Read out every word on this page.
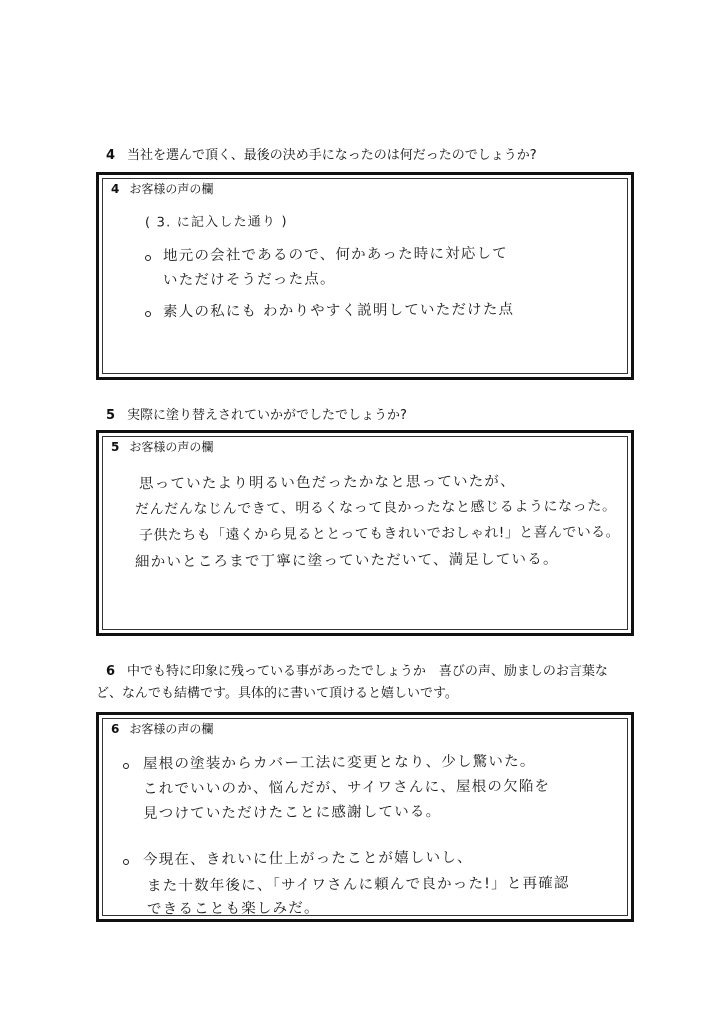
4 当社を選んで頂く、最後の決め手になったのは何だったのでしょうか?
4 お客様の声の欄
( 3. に記入した通り )
地元の会社であるので、何かあった時に対応して
いただけそうだった点。
素人の私にも わかりやすく説明していただけた点
5 実際に塗り替えされていかがでしたでしょうか?
5 お客様の声の欄
思っていたより明るい色だったかなと思っていたが、
だんだんなじんできて、明るくなって良かったなと感じるようになった。
子供たちも「遠くから見るととってもきれいでおしゃれ!」と喜んでいる。
細かいところまで丁寧に塗っていただいて、満足している。
6 中でも特に印象に残っている事があったでしょうか　喜びの声、励ましのお言葉な
ど、なんでも結構です。具体的に書いて頂けると嬉しいです。
6 お客様の声の欄
屋根の塗装からカバー工法に変更となり、少し驚いた。
これでいいのか、悩んだが、サイワさんに、屋根の欠陥を
見つけていただけたことに感謝している。
今現在、きれいに仕上がったことが嬉しいし、
また十数年後に、「サイワさんに頼んで良かった!」と再確認
できることも楽しみだ。
